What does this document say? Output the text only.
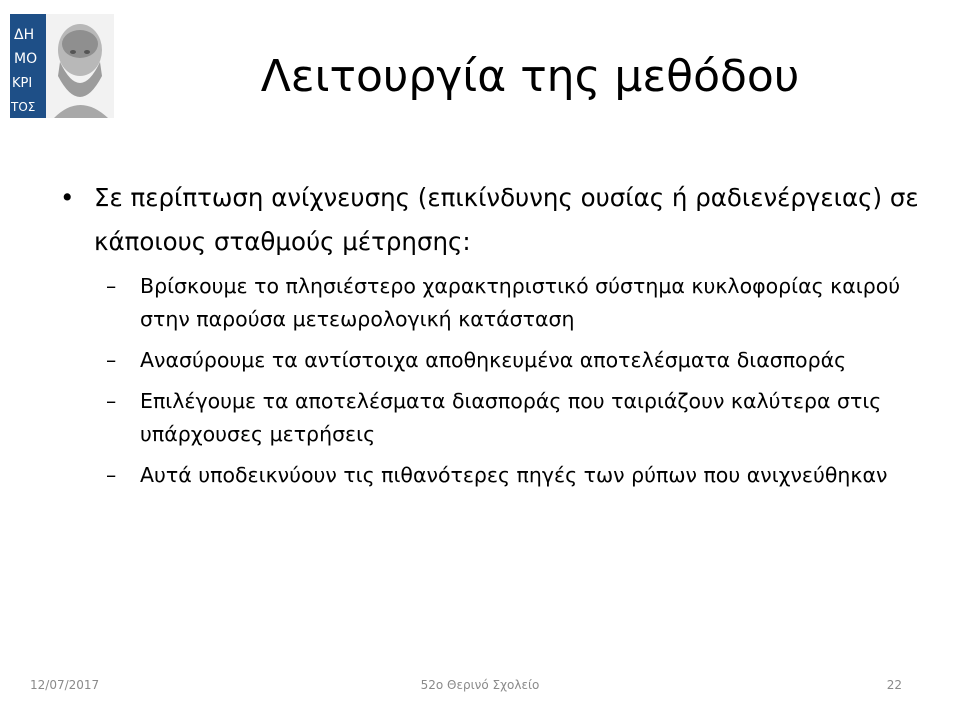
ΔΗ
ΜΟ
ΚΡΙ
ΤΟΣ
Λειτουργία της μεθόδου
• Σε περίπτωση ανίχνευσης (επικίνδυνης ουσίας ή ραδιενέργειας) σε κάποιους σταθμούς μέτρησης:
–	Βρίσκουμε το πλησιέστερο χαρακτηριστικό σύστημα κυκλοφορίας καιρού στην παρούσα μετεωρολογική κατάσταση
–	Ανασύρουμε τα αντίστοιχα αποθηκευμένα αποτελέσματα διασποράς
–	Επιλέγουμε τα αποτελέσματα διασποράς που ταιριάζουν καλύτερα στις υπάρχουσες μετρήσεις
–	Αυτά υποδεικνύουν τις πιθανότερες πηγές των ρύπων που ανιχνεύθηκαν
12/07/2017	52ο Θερινό Σχολείο	22
